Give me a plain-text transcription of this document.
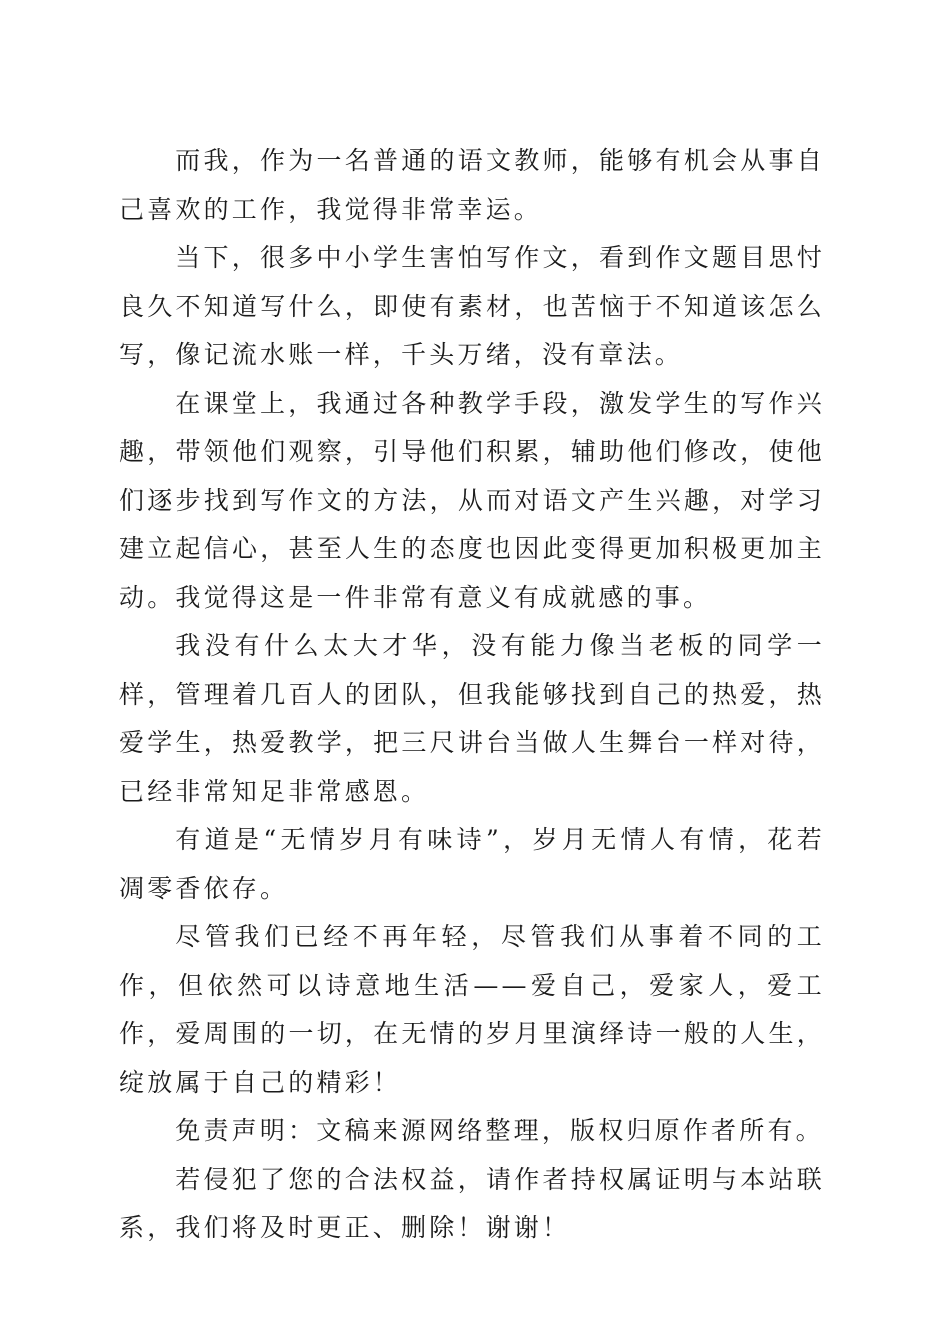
而我，作为一名普通的语文教师，能够有机会从事自己喜欢的工作，我觉得非常幸运。

当下，很多中小学生害怕写作文，看到作文题目思忖良久不知道写什么，即使有素材，也苦恼于不知道该怎么写，像记流水账一样，千头万绪，没有章法。

在课堂上，我通过各种教学手段，激发学生的写作兴趣，带领他们观察，引导他们积累，辅助他们修改，使他们逐步找到写作文的方法，从而对语文产生兴趣，对学习建立起信心，甚至人生的态度也因此变得更加积极更加主动。我觉得这是一件非常有意义有成就感的事。

我没有什么太大才华，没有能力像当老板的同学一样，管理着几百人的团队，但我能够找到自己的热爱，热爱学生，热爱教学，把三尺讲台当做人生舞台一样对待，已经非常知足非常感恩。

有道是“无情岁月有味诗”，岁月无情人有情，花若凋零香依存。

尽管我们已经不再年轻，尽管我们从事着不同的工作，但依然可以诗意地生活——爱自己，爱家人，爱工作，爱周围的一切，在无情的岁月里演绎诗一般的人生，绽放属于自己的精彩！

免责声明：文稿来源网络整理，版权归原作者所有。

若侵犯了您的合法权益，请作者持权属证明与本站联系，我们将及时更正、删除！谢谢！
